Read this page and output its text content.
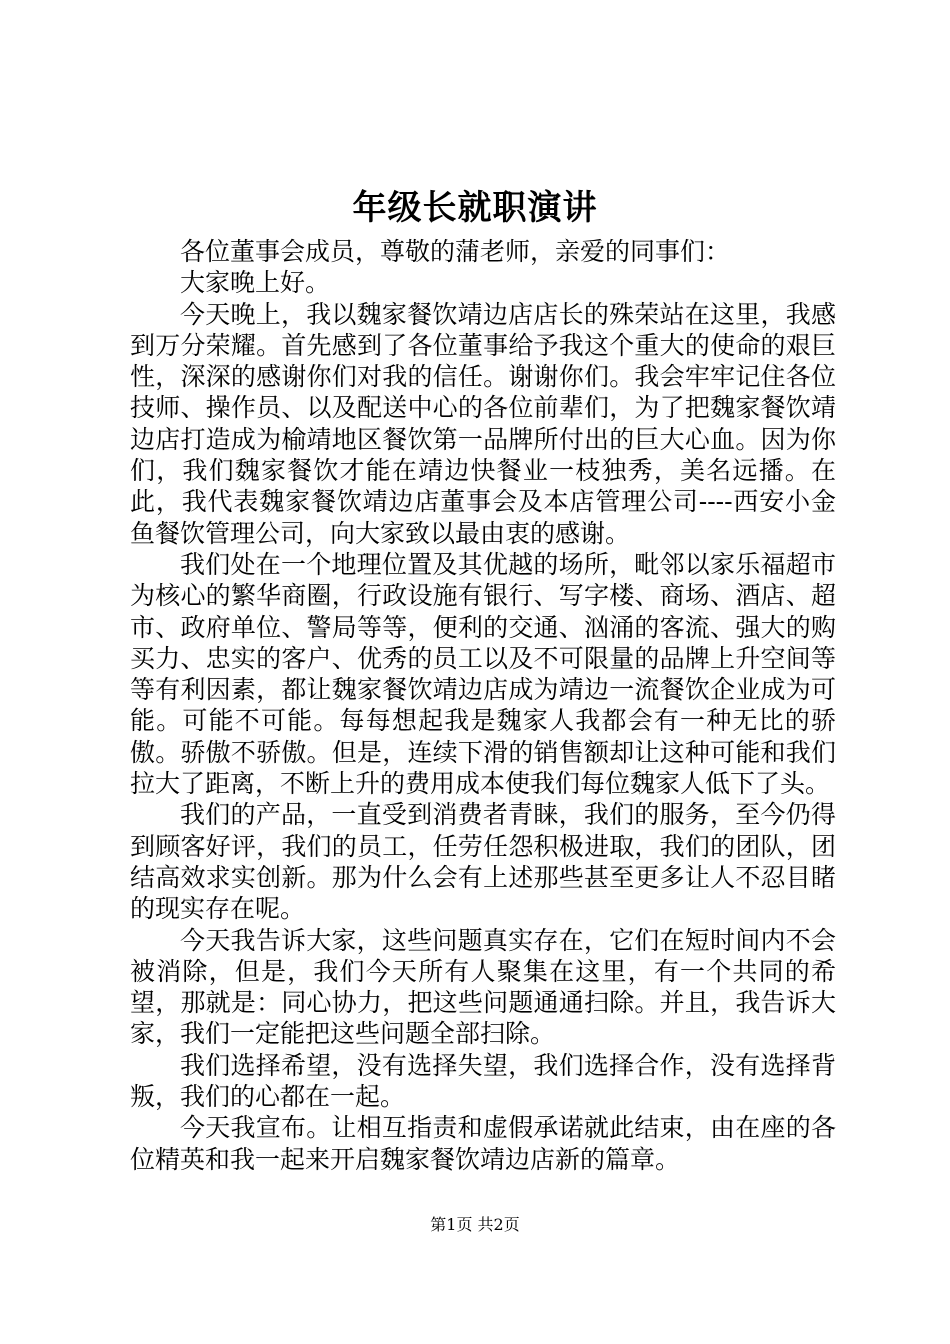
年级长就职演讲

各位董事会成员，尊敬的蒲老师，亲爱的同事们：

大家晚上好。

今天晚上，我以魏家餐饮靖边店店长的殊荣站在这里，我感到万分荣耀。首先感到了各位董事给予我这个重大的使命的艰巨性，深深的感谢你们对我的信任。谢谢你们。我会牢牢记住各位技师、操作员、以及配送中心的各位前辈们，为了把魏家餐饮靖边店打造成为榆靖地区餐饮第一品牌所付出的巨大心血。因为你们，我们魏家餐饮才能在靖边快餐业一枝独秀，美名远播。在此，我代表魏家餐饮靖边店董事会及本店管理公司----西安小金鱼餐饮管理公司，向大家致以最由衷的感谢。

我们处在一个地理位置及其优越的场所，毗邻以家乐福超市为核心的繁华商圈，行政设施有银行、写字楼、商场、酒店、超市、政府单位、警局等等，便利的交通、汹涌的客流、强大的购买力、忠实的客户、优秀的员工以及不可限量的品牌上升空间等等有利因素，都让魏家餐饮靖边店成为靖边一流餐饮企业成为可能。可能不可能。每每想起我是魏家人我都会有一种无比的骄傲。骄傲不骄傲。但是，连续下滑的销售额却让这种可能和我们拉大了距离，不断上升的费用成本使我们每位魏家人低下了头。

我们的产品，一直受到消费者青睐，我们的服务，至今仍得到顾客好评，我们的员工，任劳任怨积极进取，我们的团队，团结高效求实创新。那为什么会有上述那些甚至更多让人不忍目睹的现实存在呢。

今天我告诉大家，这些问题真实存在，它们在短时间内不会被消除，但是，我们今天所有人聚集在这里，有一个共同的希望，那就是：同心协力，把这些问题通通扫除。并且，我告诉大家，我们一定能把这些问题全部扫除。

我们选择希望，没有选择失望，我们选择合作，没有选择背叛，我们的心都在一起。

今天我宣布。让相互指责和虚假承诺就此结束，由在座的各位精英和我一起来开启魏家餐饮靖边店新的篇章。

第1页 共2页
